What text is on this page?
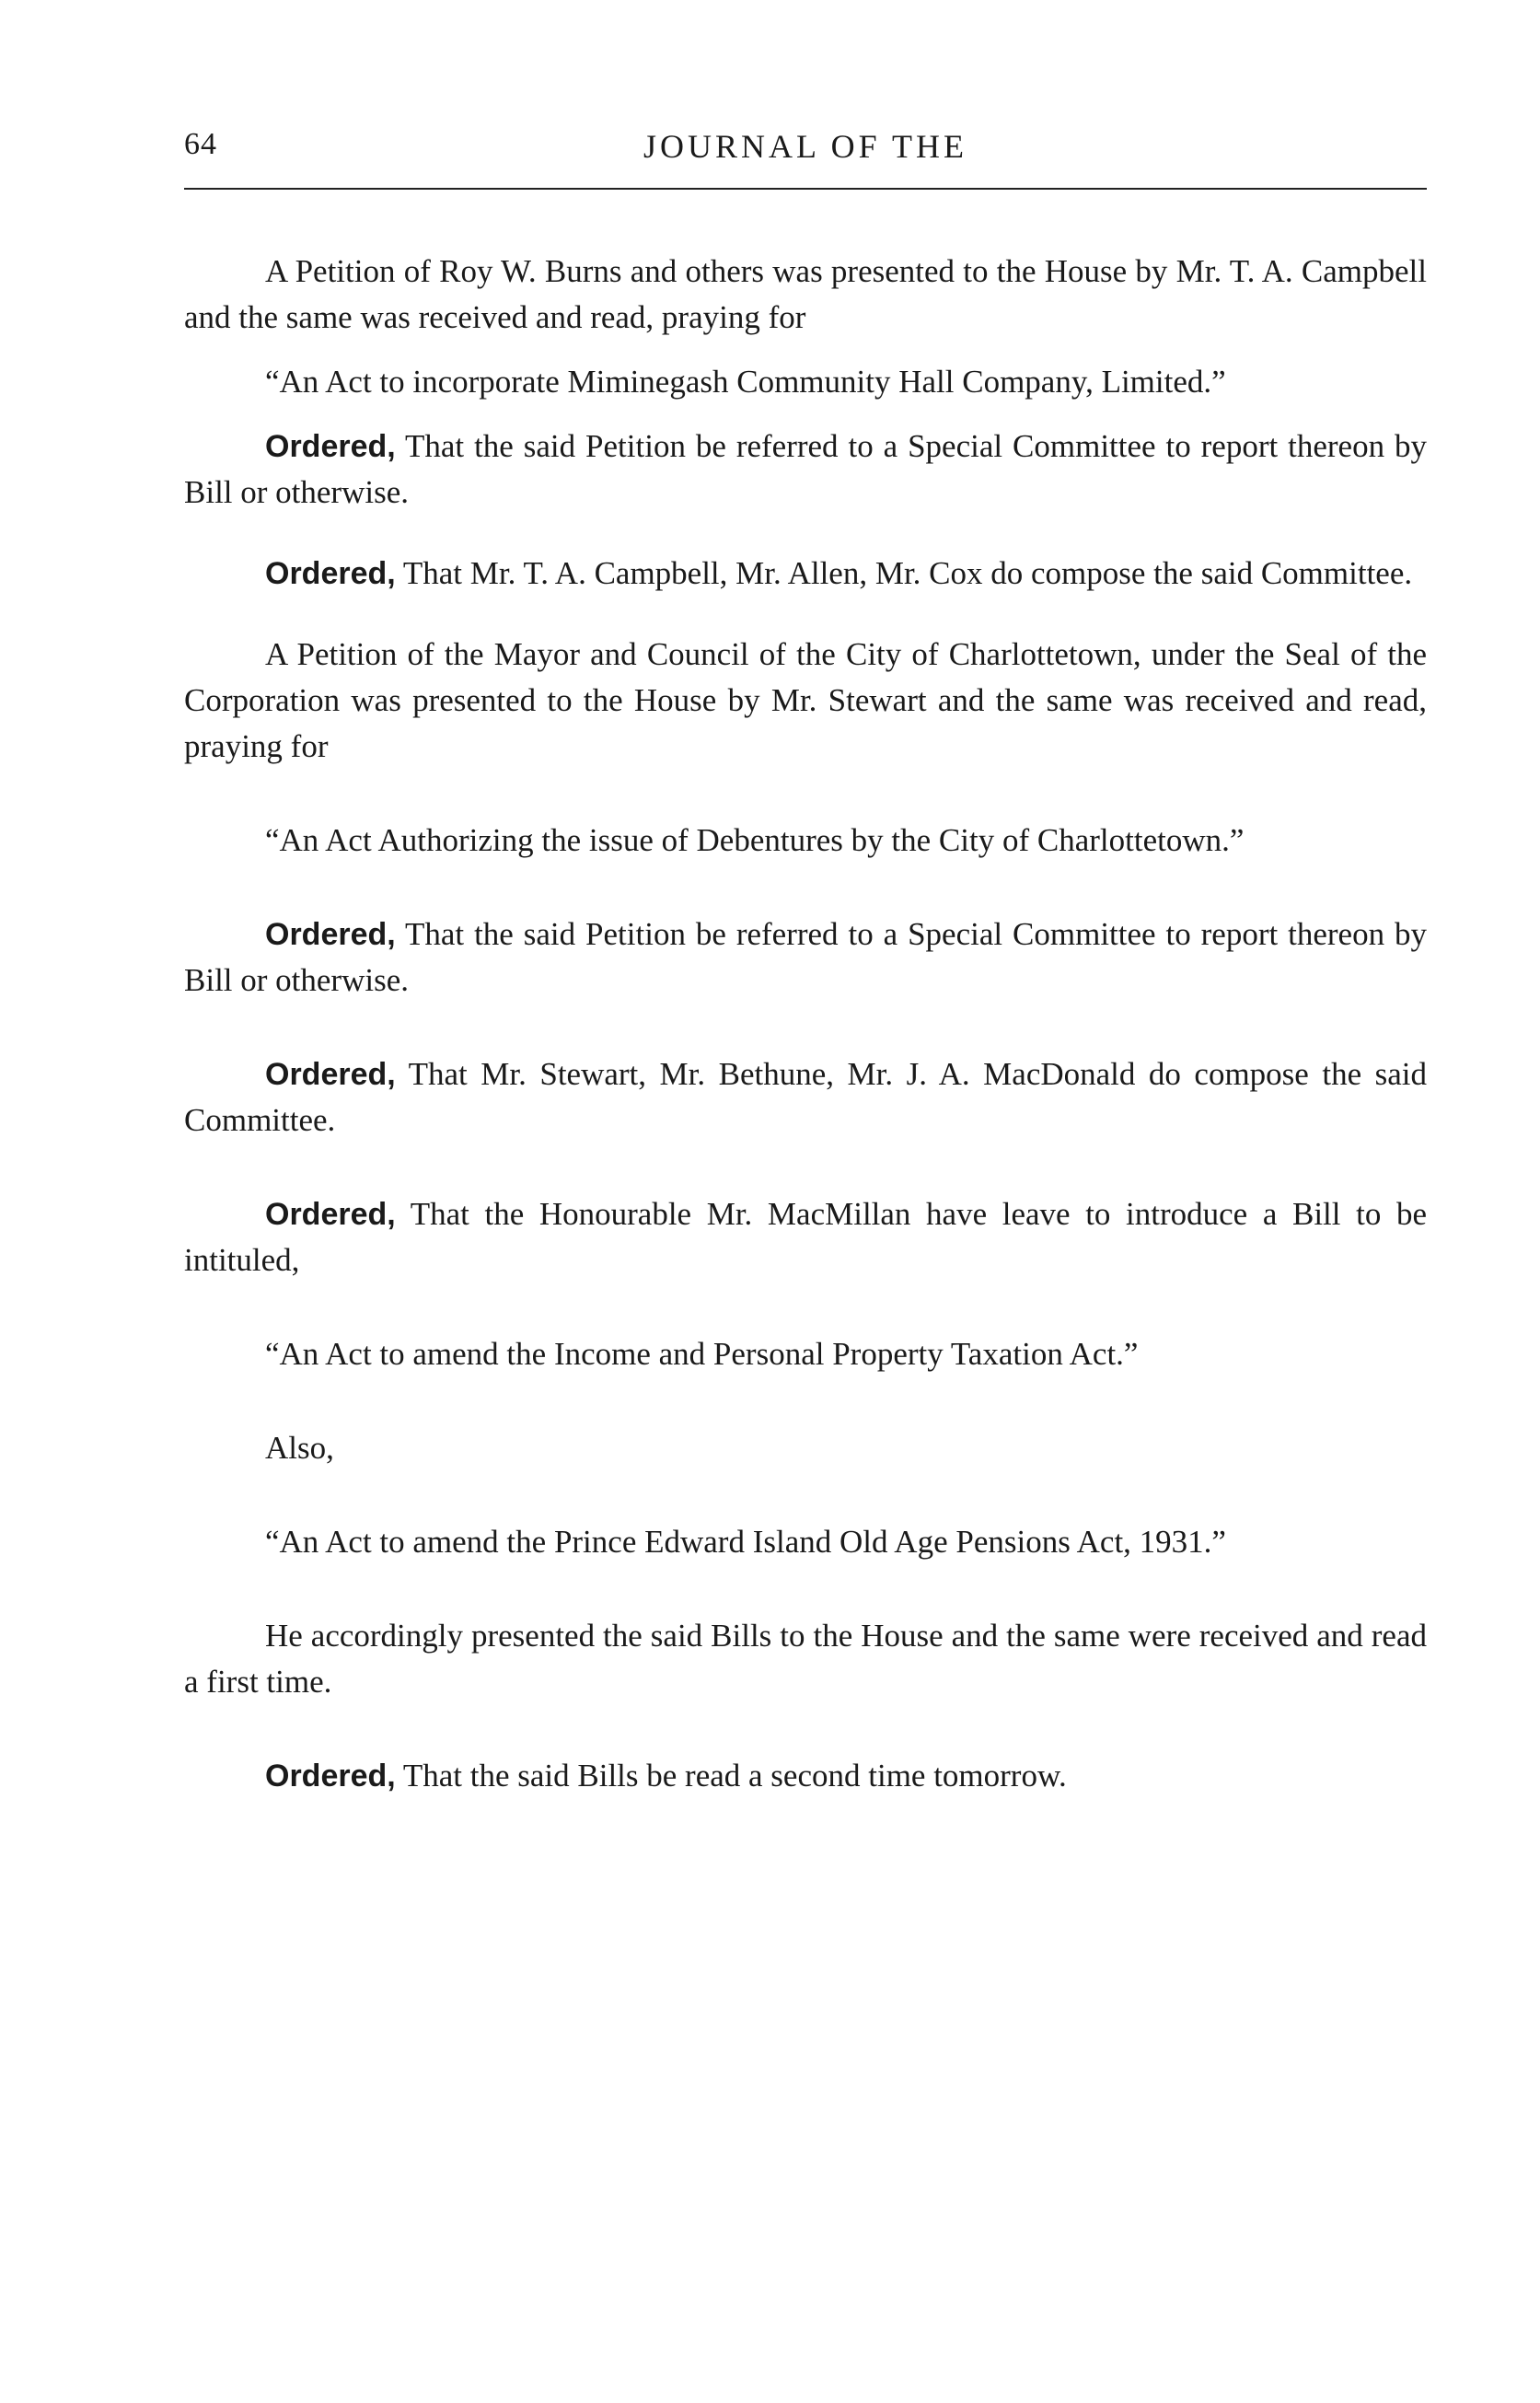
64	JOURNAL OF THE

A Petition of Roy W. Burns and others was presented to the House by Mr. T. A. Campbell and the same was received and read, praying for

“An Act to incorporate Miminegash Community Hall Company, Limited.”

Ordered, That the said Petition be referred to a Special Committee to report thereon by Bill or otherwise.

Ordered, That Mr. T. A. Campbell, Mr. Allen, Mr. Cox do compose the said Committee.

A Petition of the Mayor and Council of the City of Charlottetown, under the Seal of the Corporation was presented to the House by Mr. Stewart and the same was received and read, praying for

“An Act Authorizing the issue of Debentures by the City of Charlottetown.”

Ordered, That the said Petition be referred to a Special Committee to report thereon by Bill or otherwise.

Ordered, That Mr. Stewart, Mr. Bethune, Mr. J. A. MacDonald do compose the said Committee.

Ordered, That the Honourable Mr. MacMillan have leave to introduce a Bill to be intituled,

“An Act to amend the Income and Personal Property Taxation Act.”

Also,

“An Act to amend the Prince Edward Island Old Age Pensions Act, 1931.”

He accordingly presented the said Bills to the House and the same were received and read a first time.

Ordered, That the said Bills be read a second time tomorrow.
